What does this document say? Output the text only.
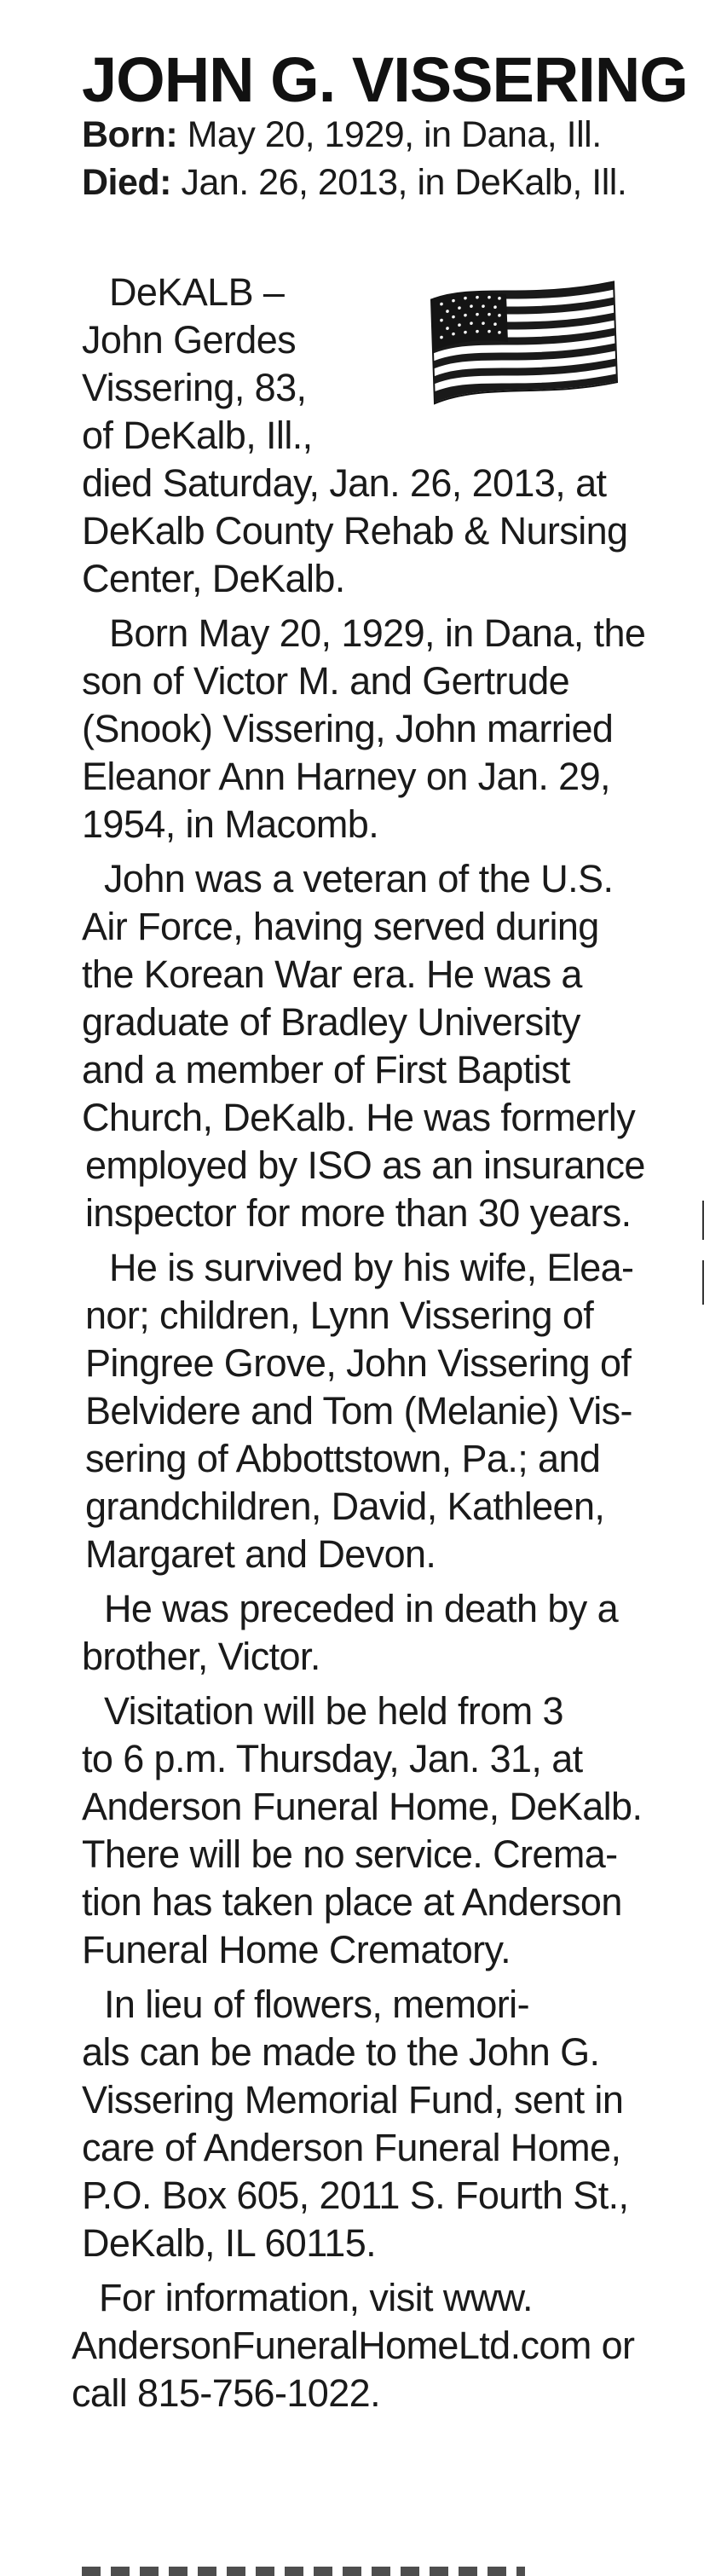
JOHN G. VISSERING
Born: May 20, 1929, in Dana, Ill.
Died: Jan. 26, 2013, in DeKalb, Ill.
DeKALB –
John Gerdes
Vissering, 83,
of DeKalb, Ill.,
died Saturday, Jan. 26, 2013, at
DeKalb County Rehab & Nursing
Center, DeKalb.
Born May 20, 1929, in Dana, the
son of Victor M. and Gertrude
(Snook) Vissering, John married
Eleanor Ann Harney on Jan. 29,
1954, in Macomb.
John was a veteran of the U.S.
Air Force, having served during
the Korean War era. He was a
graduate of Bradley University
and a member of First Baptist
Church, DeKalb. He was formerly
employed by ISO as an insurance
inspector for more than 30 years.
He is survived by his wife, Elea-
nor; children, Lynn Vissering of
Pingree Grove, John Vissering of
Belvidere and Tom (Melanie) Vis-
sering of Abbottstown, Pa.; and
grandchildren, David, Kathleen,
Margaret and Devon.
He was preceded in death by a
brother, Victor.
Visitation will be held from 3
to 6 p.m. Thursday, Jan. 31, at
Anderson Funeral Home, DeKalb.
There will be no service. Crema-
tion has taken place at Anderson
Funeral Home Crematory.
In lieu of flowers, memori-
als can be made to the John G.
Vissering Memorial Fund, sent in
care of Anderson Funeral Home,
P.O. Box 605, 2011 S. Fourth St.,
DeKalb, IL 60115.
For information, visit www.
AndersonFuneralHomeLtd.com or
call 815-756-1022.
